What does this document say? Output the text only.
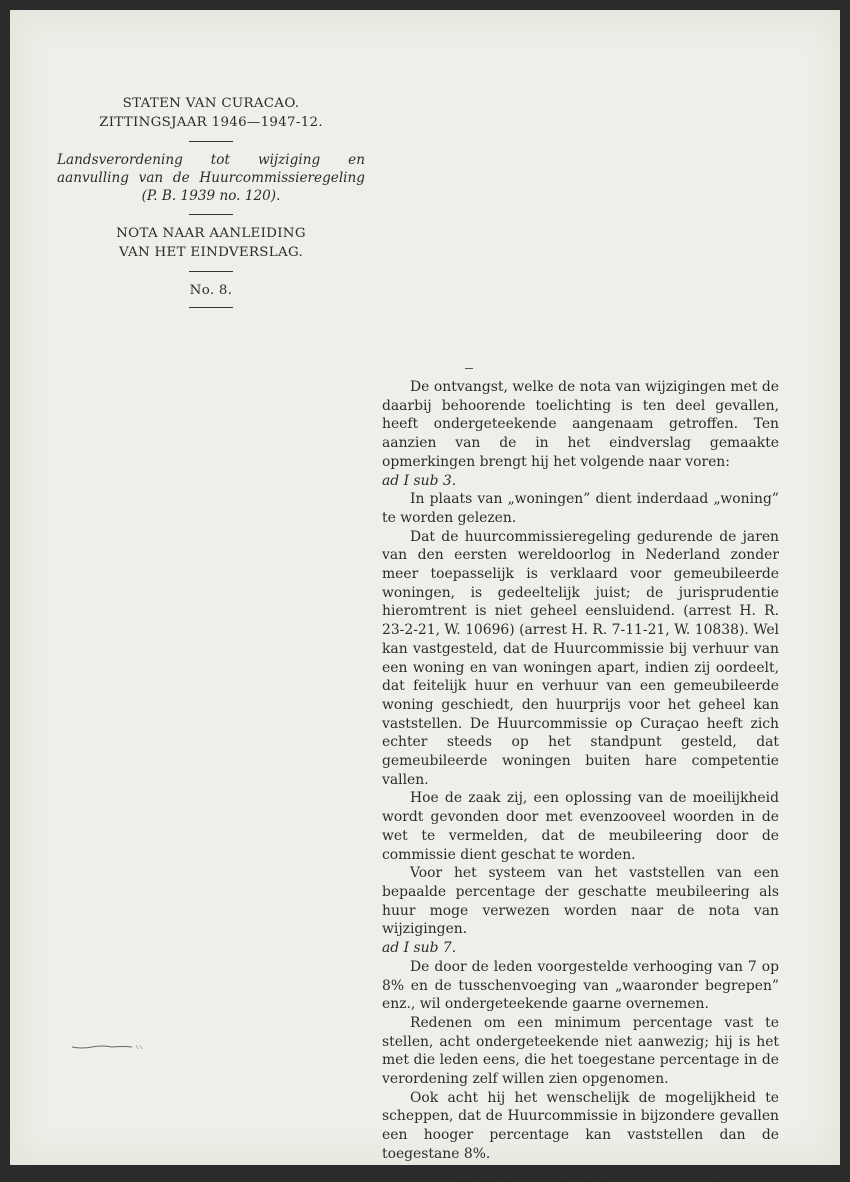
STATEN VAN CURACAO.
ZITTINGSJAAR 1946—1947-12.
Landsverordening tot wijziging en aanvulling van de Huurcommissieregeling (P. B. 1939 no. 120).
NOTA NAAR AANLEIDING
VAN HET EINDVERSLAG.
No. 8.

De ontvangst, welke de nota van wijzigingen met de daarbij behoorende toelichting is ten deel gevallen, heeft ondergeteekende aangenaam getroffen. Ten aanzien van de in het eindverslag gemaakte opmerkingen brengt hij het volgende naar voren:

ad I sub 3.

In plaats van „woningen” dient inderdaad „woning” te worden gelezen.

Dat de huurcommissieregeling gedurende de jaren van den eersten wereldoorlog in Nederland zonder meer toepasselijk is verklaard voor gemeubileerde woningen, is gedeeltelijk juist; de jurisprudentie hieromtrent is niet geheel eensluidend. (arrest H. R. 23-2-21, W. 10696) (arrest H. R. 7-11-21, W. 10838). Wel kan vastgesteld, dat de Huurcommissie bij verhuur van een woning en van woningen apart, indien zij oordeelt, dat feitelijk huur en verhuur van een gemeubileerde woning geschiedt, den huurprijs voor het geheel kan vaststellen. De Huurcommissie op Curaçao heeft zich echter steeds op het standpunt gesteld, dat gemeubileerde woningen buiten hare competentie vallen.

Hoe de zaak zij, een oplossing van de moeilijkheid wordt gevonden door met evenzooveel woorden in de wet te vermelden, dat de meubileering door de commissie dient geschat te worden.

Voor het systeem van het vaststellen van een bepaalde percentage der geschatte meubileering als huur moge verwezen worden naar de nota van wijzigingen.

ad I sub 7.

De door de leden voorgestelde verhooging van 7 op 8% en de tusschenvoeging van „waaronder begrepen” enz., wil ondergeteekende gaarne overnemen.

Redenen om een minimum percentage vast te stellen, acht ondergeteekende niet aanwezig; hij is het met die leden eens, die het toegestane percentage in de verordening zelf willen zien opgenomen.

Ook acht hij het wenschelijk de mogelijkheid te scheppen, dat de Huurcommissie in bijzondere gevallen een hooger percentage kan vaststellen dan de toegestane 8%.

Hij denkt in dit verband in het bijzonder aan die ge-
